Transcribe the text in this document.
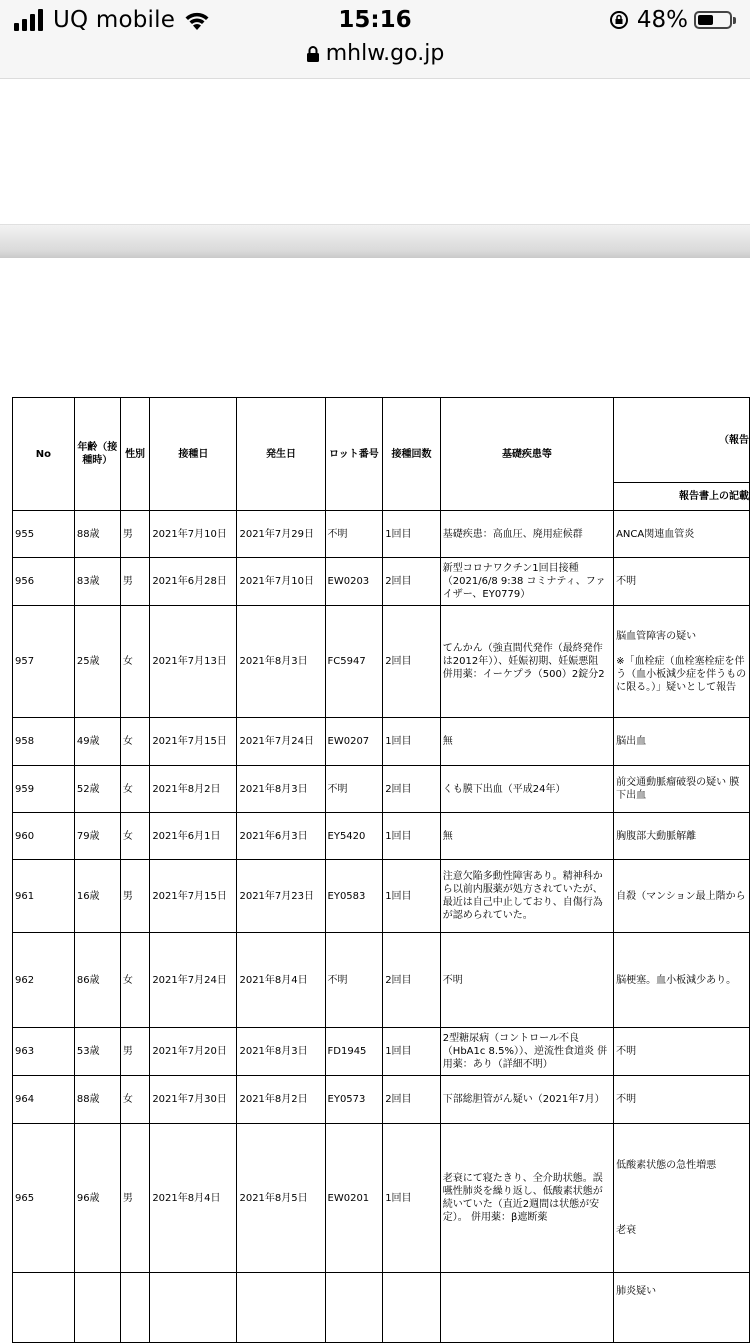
UQ mobile	15:16	48%
mhlw.go.jp
No	年齢（接種時）	性別	接種日	発生日	ロット番号	接種回数	基礎疾患等	（報告
								報告書上の記載
955	88歳	男	2021年7月10日	2021年7月29日	不明	1回目	基礎疾患：高血圧、廃用症候群	ANCA関連血管炎
956	83歳	男	2021年6月28日	2021年7月10日	EW0203	2回目	新型コロナワクチン1回目接種（2021/6/8 9:38 コミナティ、ファイザー、EY0779）	不明
957	25歳	女	2021年7月13日	2021年8月3日	FC5947	2回目	てんかん（強直間代発作（最終発作は2012年））、妊娠初期、妊娠悪阻 併用薬：イーケプラ（500）2錠分2	脳血管障害の疑い
※「血栓症（血栓塞栓症を伴う（血小板減少症を伴うものに限る。）」疑いとして報告

958	49歳	女	2021年7月15日	2021年7月24日	EW0207	1回目	無	脳出血
959	52歳	女	2021年8月2日	2021年8月3日	不明	2回目	くも膜下出血（平成24年）	前交通動脈瘤破裂の疑い 膜下出血
960	79歳	女	2021年6月1日	2021年6月3日	EY5420	1回目	無	胸腹部大動脈解離
961	16歳	男	2021年7月15日	2021年7月23日	EY0583	1回目	注意欠陥多動性障害あり。精神科から以前内服薬が処方されていたが、最近は自己中止しており、自傷行為が認められていた。	自殺（マンション最上階から
962	86歳	女	2021年7月24日	2021年8月4日	不明	2回目	不明	脳梗塞。血小板減少あり。
963	53歳	男	2021年7月20日	2021年8月3日	FD1945	1回目	2型糖尿病（コントロール不良（HbA1c 8.5%））、逆流性食道炎 併用薬：あり（詳細不明）	不明
964	88歳	女	2021年7月30日	2021年8月2日	EY0573	2回目	下部総胆管がん疑い（2021年7月）	不明
965	96歳	男	2021年8月4日	2021年8月5日	EW0201	1回目	老衰にて寝たきり、全介助状態。誤嚥性肺炎を繰り返し、低酸素状態が続いていた（直近2週間は状態が安定）。 併用薬：β遮断薬	低酸素状態の急性増悪
老衰

								肺炎疑い
